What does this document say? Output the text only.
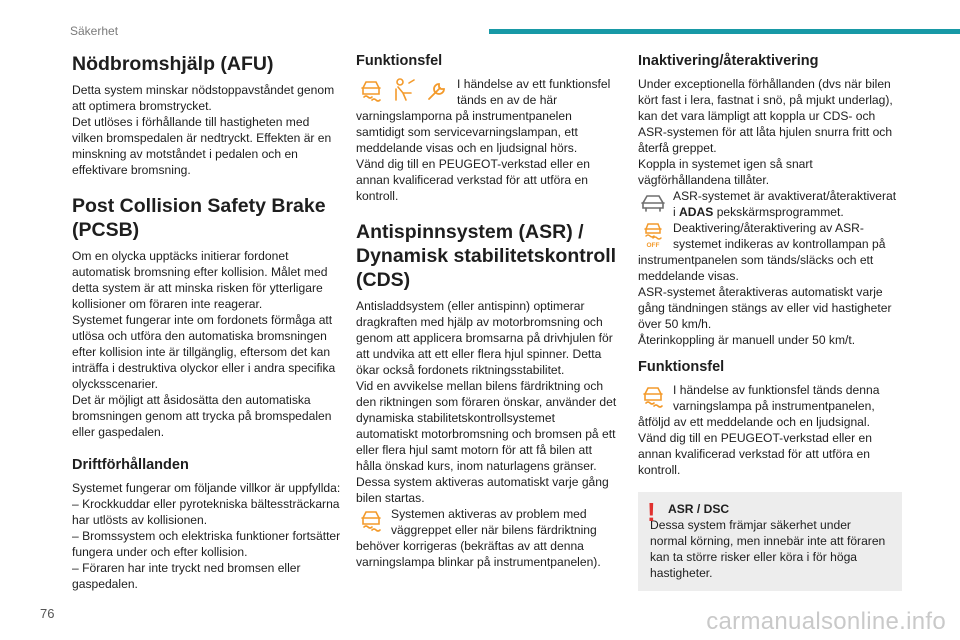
Säkerhet
Nödbromshjälp (AFU)

Detta system minskar nödstoppavståndet genom att optimera bromstrycket.
Det utlöses i förhållande till hastigheten med vilken bromspedalen är nedtryckt. Effekten är en minskning av motståndet i pedalen och en effektivare bromsning.

Post Collision Safety Brake (PCSB)

Om en olycka upptäcks initierar fordonet automatisk bromsning efter kollision. Målet med detta system är att minska risken för ytterligare kollisioner om föraren inte reagerar.
Systemet fungerar inte om fordonets förmåga att utlösa och utföra den automatiska bromsningen efter kollision inte är tillgänglig, eftersom det kan inträffa i destruktiva olyckor eller i andra specifika olycksscenarier.
Det är möjligt att åsidosätta den automatiska bromsningen genom att trycka på bromspedalen eller gaspedalen.

Driftförhållanden

Systemet fungerar om följande villkor är uppfyllda:
– Krockkuddar eller pyrotekniska bältessträckarna har utlösts av kollisionen.
– Bromssystem och elektriska funktioner fortsätter fungera under och efter kollision.
– Föraren har inte tryckt ned bromsen eller gaspedalen.

Funktionsfel

I händelse av ett funktionsfel tänds en av de här varningslamporna på instrumentpanelen samtidigt som servicevarningslampan, ett meddelande visas och en ljudsignal hörs.
Vänd dig till en PEUGEOT-verkstad eller en annan kvalificerad verkstad för att utföra en kontroll.

Antispinnsystem (ASR) / Dynamisk stabilitetskontroll (CDS)

Antisladdsystem (eller antispinn) optimerar dragkraften med hjälp av motorbromsning och genom att applicera bromsarna på drivhjulen för att undvika att ett eller flera hjul spinner. Detta ökar också fordonets riktningsstabilitet.
Vid en avvikelse mellan bilens färdriktning och den riktningen som föraren önskar, använder det dynamiska stabilitetskontrollsystemet automatiskt motorbromsning och bromsen på ett eller flera hjul samt motorn för att få bilen att hålla önskad kurs, inom naturlagens gränser.
Dessa system aktiveras automatiskt varje gång bilen startas.

Systemen aktiveras av problem med väggreppet eller när bilens färdriktning behöver korrigeras (bekräftas av att denna varningslampa blinkar på instrumentpanelen).

Inaktivering/återaktivering

Under exceptionella förhållanden (dvs när bilen kört fast i lera, fastnat i snö, på mjukt underlag), kan det vara lämpligt att koppla ur CDS- och ASR-systemen för att låta hjulen snurra fritt och återfå greppet.
Koppla in systemet igen så snart vägförhållandena tillåter.

ASR-systemet är avaktiverat/återaktiverat i ADAS pekskärmsprogrammet.

OFF

Deaktivering/återaktivering av ASR-systemet indikeras av kontrollampan på instrumentpanelen som tänds/släcks och ett meddelande visas.
ASR-systemet återaktiveras automatiskt varje gång tändningen stängs av eller vid hastigheter över 50 km/h.
Återinkoppling är manuell under 50 km/t.

Funktionsfel

I händelse av funktionsfel tänds denna varningslampa på instrumentpanelen, åtföljd av ett meddelande och en ljudsignal.
Vänd dig till en PEUGEOT-verkstad eller en annan kvalificerad verkstad för att utföra en kontroll.

!	ASR / DSC

Dessa system främjar säkerhet under normal körning, men innebär inte att föraren kan ta större risker eller köra i för höga hastigheter.

76	carmanualsonline.info
